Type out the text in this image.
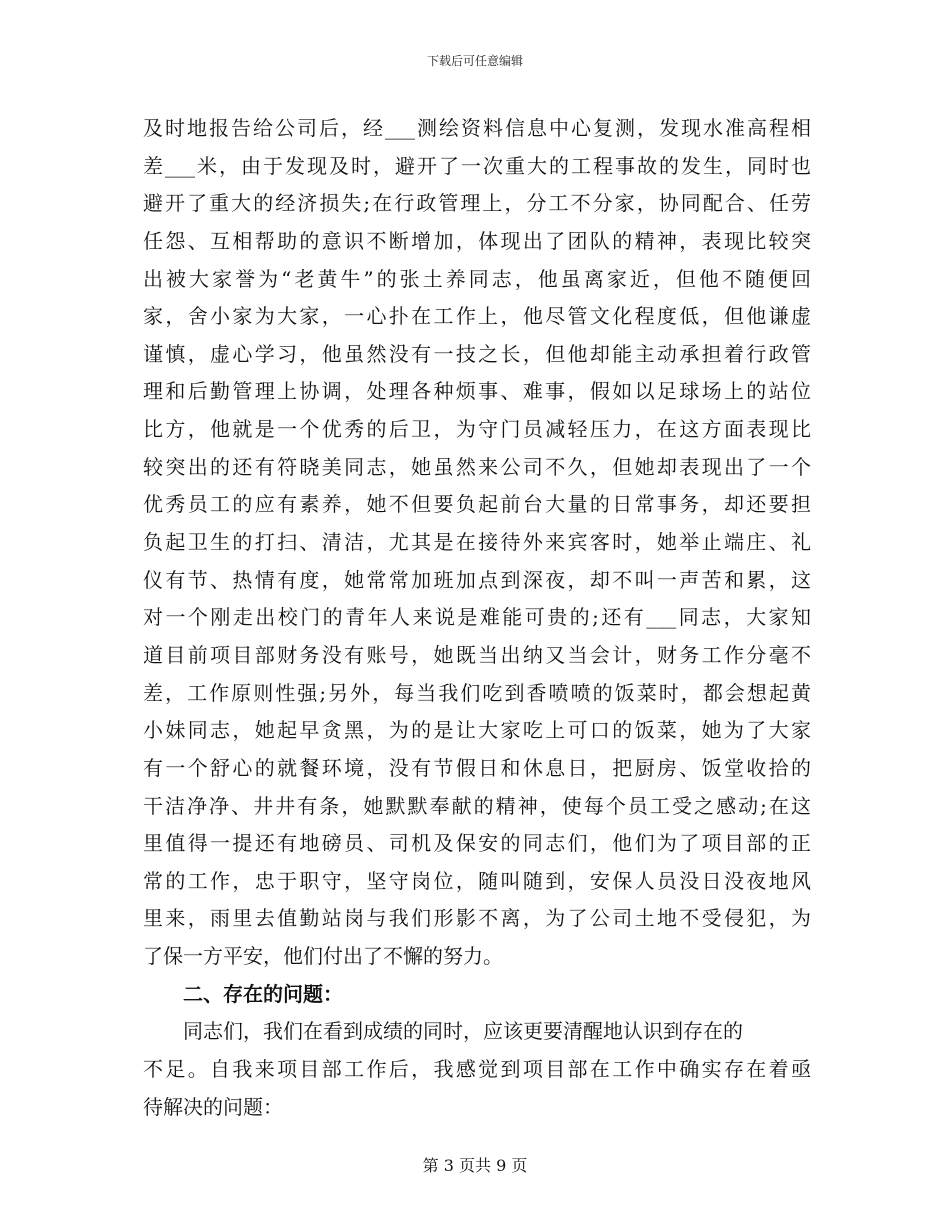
下载后可任意编辑
及时地报告给公司后，经___测绘资料信息中心复测，发现水准高程相
差___米，由于发现及时，避开了一次重大的工程事故的发生，同时也
避开了重大的经济损失;在行政管理上，分工不分家，协同配合、任劳
任怨、互相帮助的意识不断增加，体现出了团队的精神，表现比较突
出被大家誉为“老黄牛”的张土养同志，他虽离家近，但他不随便回
家，舍小家为大家，一心扑在工作上，他尽管文化程度低，但他谦虚
谨慎，虚心学习，他虽然没有一技之长，但他却能主动承担着行政管
理和后勤管理上协调，处理各种烦事、难事，假如以足球场上的站位
比方，他就是一个优秀的后卫，为守门员减轻压力，在这方面表现比
较突出的还有符晓美同志，她虽然来公司不久，但她却表现出了一个
优秀员工的应有素养，她不但要负起前台大量的日常事务，却还要担
负起卫生的打扫、清洁，尤其是在接待外来宾客时，她举止端庄、礼
仪有节、热情有度，她常常加班加点到深夜，却不叫一声苦和累，这
对一个刚走出校门的青年人来说是难能可贵的;还有___同志，大家知
道目前项目部财务没有账号，她既当出纳又当会计，财务工作分毫不
差，工作原则性强;另外，每当我们吃到香喷喷的饭菜时，都会想起黄
小妹同志，她起早贪黑，为的是让大家吃上可口的饭菜，她为了大家
有一个舒心的就餐环境，没有节假日和休息日，把厨房、饭堂收拾的
干洁净净、井井有条，她默默奉献的精神，使每个员工受之感动;在这
里值得一提还有地磅员、司机及保安的同志们，他们为了项目部的正
常的工作，忠于职守，坚守岗位，随叫随到，安保人员没日没夜地风
里来，雨里去值勤站岗与我们形影不离，为了公司土地不受侵犯，为
了保一方平安，他们付出了不懈的努力。
二、存在的问题：
同志们，我们在看到成绩的同时，应该更要清醒地认识到存在的
不足。自我来项目部工作后，我感觉到项目部在工作中确实存在着亟
待解决的问题：
第 3 页共 9 页
